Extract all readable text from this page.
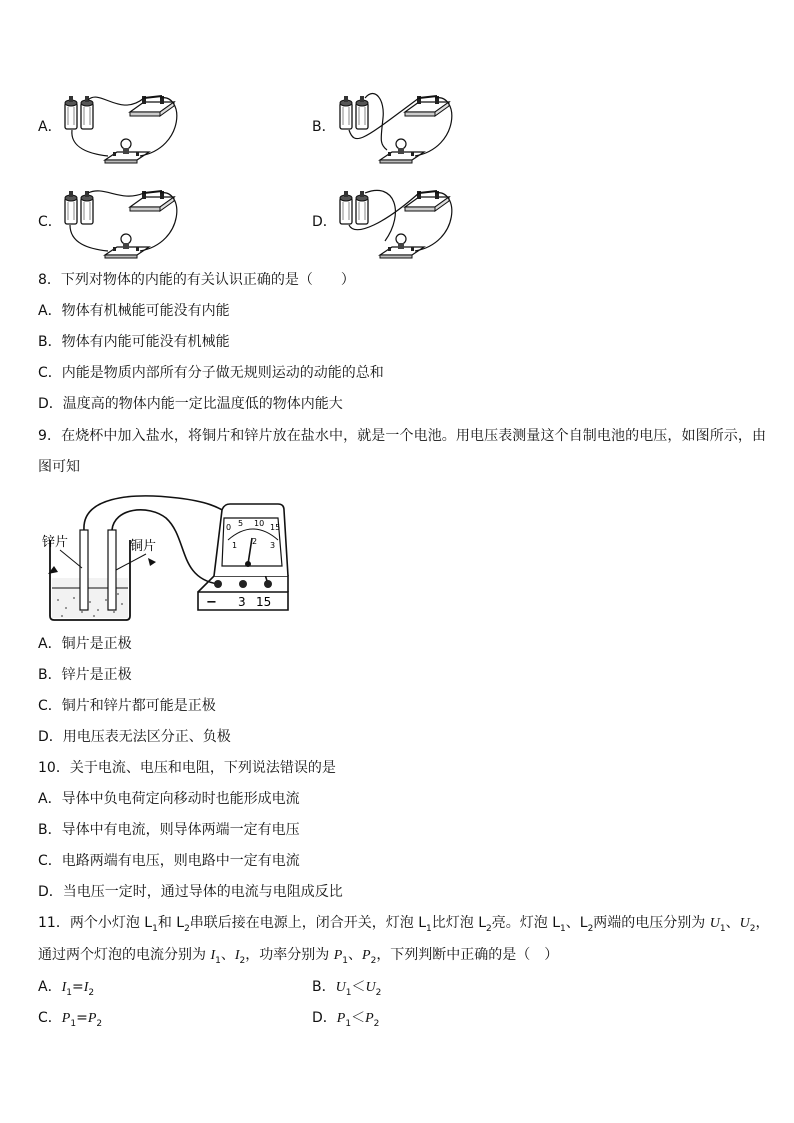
A．	B．
C．	D．
8．下列对物体的内能的有关认识正确的是（　　）
A．物体有机械能可能没有内能
B．物体有内能可能没有机械能
C．内能是物质内部所有分子做无规则运动的动能的总和
D．温度高的物体内能一定比温度低的物体内能大
9．在烧杯中加入盐水，将铜片和锌片放在盐水中，就是一个电池。用电压表测量这个自制电池的电压，如图所示，由
图可知
锌片	铜片
0 5 10 15
1 2 3
− 3 15
A．铜片是正极
B．锌片是正极
C．铜片和锌片都可能是正极
D．用电压表无法区分正、负极
10．关于电流、电压和电阻，下列说法错误的是
A．导体中负电荷定向移动时也能形成电流
B．导体中有电流，则导体两端一定有电压
C．电路两端有电压，则电路中一定有电流
D．当电压一定时，通过导体的电流与电阻成反比
11．两个小灯泡 $L_1$和 $L_2$串联后接在电源上，闭合开关，灯泡 $L_1$比灯泡 $L_2$亮。灯泡 $L_1$、$L_2$两端的电压分别为 $U_1$、$U_2$，
通过两个灯泡的电流分别为 $I_1$、$I_2$，功率分别为 $P_1$、$P_2$，下列判断中正确的是（　）
A．$I_1=I_2$	B．$U_1<U_2$
C．$P_1=P_2$	D．$P_1<P_2$
